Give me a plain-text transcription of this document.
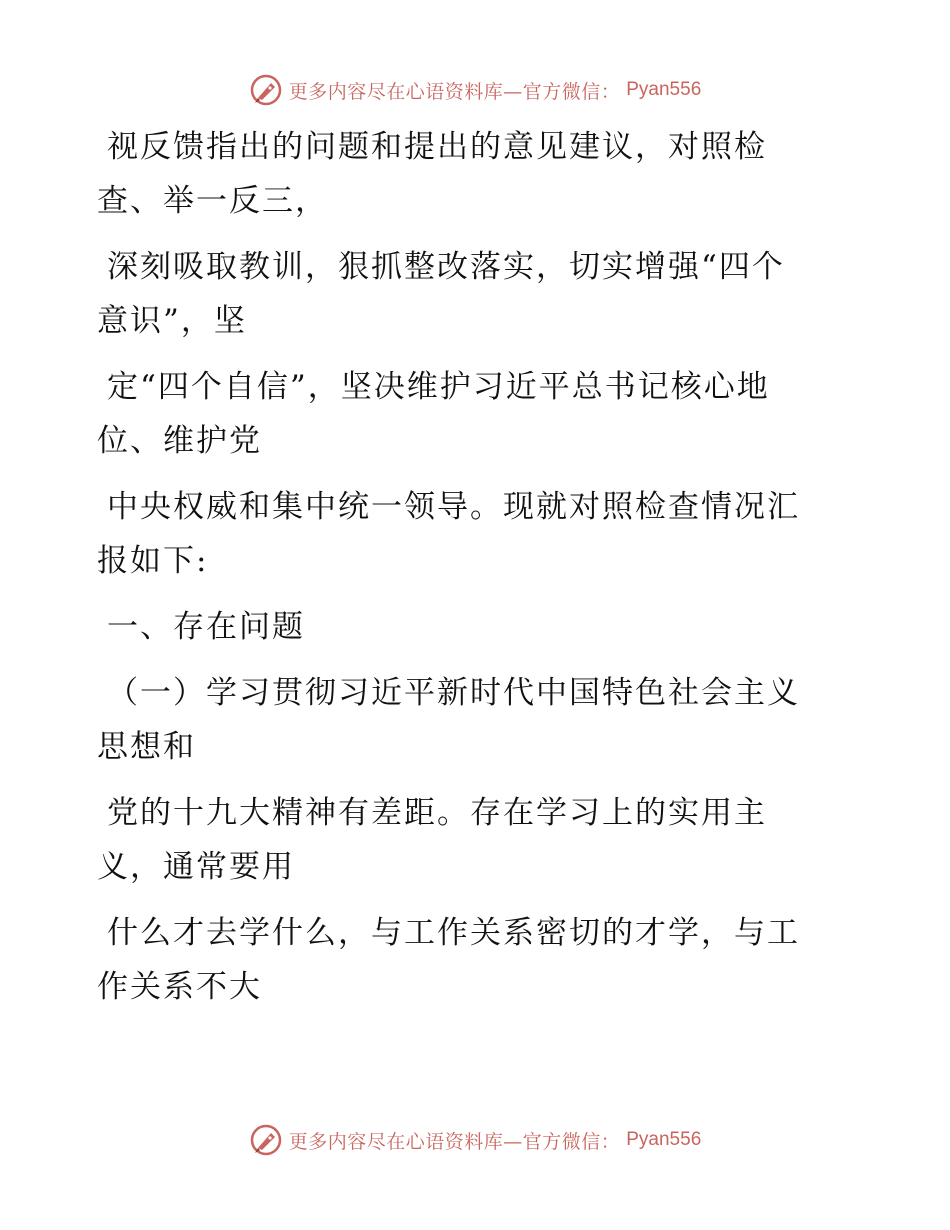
更多内容尽在心语资料库—官方微信： Pyan556
视反馈指出的问题和提出的意见建议，对照检
查、举一反三，
深刻吸取教训，狠抓整改落实，切实增强“四个
意识”，坚
定“四个自信”，坚决维护习近平总书记核心地
位、维护党
中央权威和集中统一领导。现就对照检查情况汇
报如下:
一、存在问题
（一）学习贯彻习近平新时代中国特色社会主义
思想和
党的十九大精神有差距。存在学习上的实用主
义，通常要用
什么才去学什么，与工作关系密切的才学，与工
作关系不大
更多内容尽在心语资料库—官方微信： Pyan556
